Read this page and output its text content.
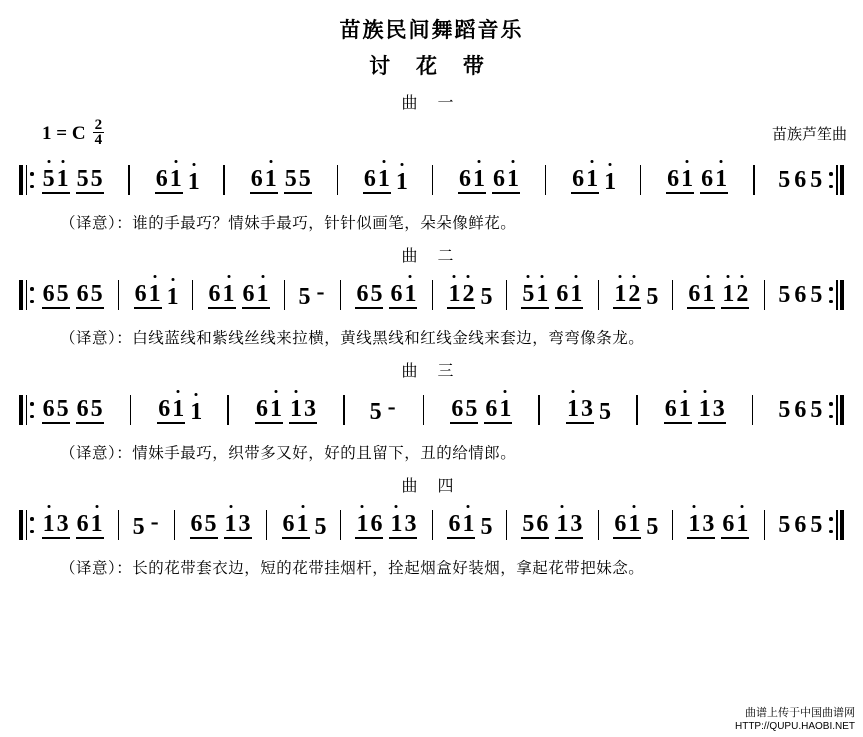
苗族民间舞蹈音乐
讨 花 带
曲 一
1 = C $\frac{2}{4}$	苗族芦笙曲
5 1 5 5 6 1 1 6 1 5 5 6 1 1 6 1 6 1 6 1 1 6 1 6 1 5 6 5
（译意）：谁的手最巧？情妹手最巧，针针似画笔，朵朵像鲜花。
曲 二
6 5 6 5 6 1 1 6 1 6 1 5 - 6 5 6 1 1 2 5 5 1 6 1 1 2 5 6 1 1 2 5 6 5
（译意）：白线蓝线和紫线丝线来拉横，黄线黑线和红线金线来套边，弯弯像条龙。
曲 三
6 5 6 5 6 1 1 6 1 1 3 5 - 6 5 6 1 1 3 5 6 1 1 3 5 6 5
（译意）：情妹手最巧，织带多又好，好的且留下，丑的给情郎。
曲 四
1 3 6 1 5 - 6 5 1 3 6 1 5 1 6 1 3 6 1 5 5 6 1 3 6 1 5 1 3 6 1 5 6 5
（译意）：长的花带套衣边，短的花带挂烟杆，拴起烟盒好装烟，拿起花带把妹念。
曲谱上传于中国曲谱网
HTTP://QUPU.HAOBI.NET
